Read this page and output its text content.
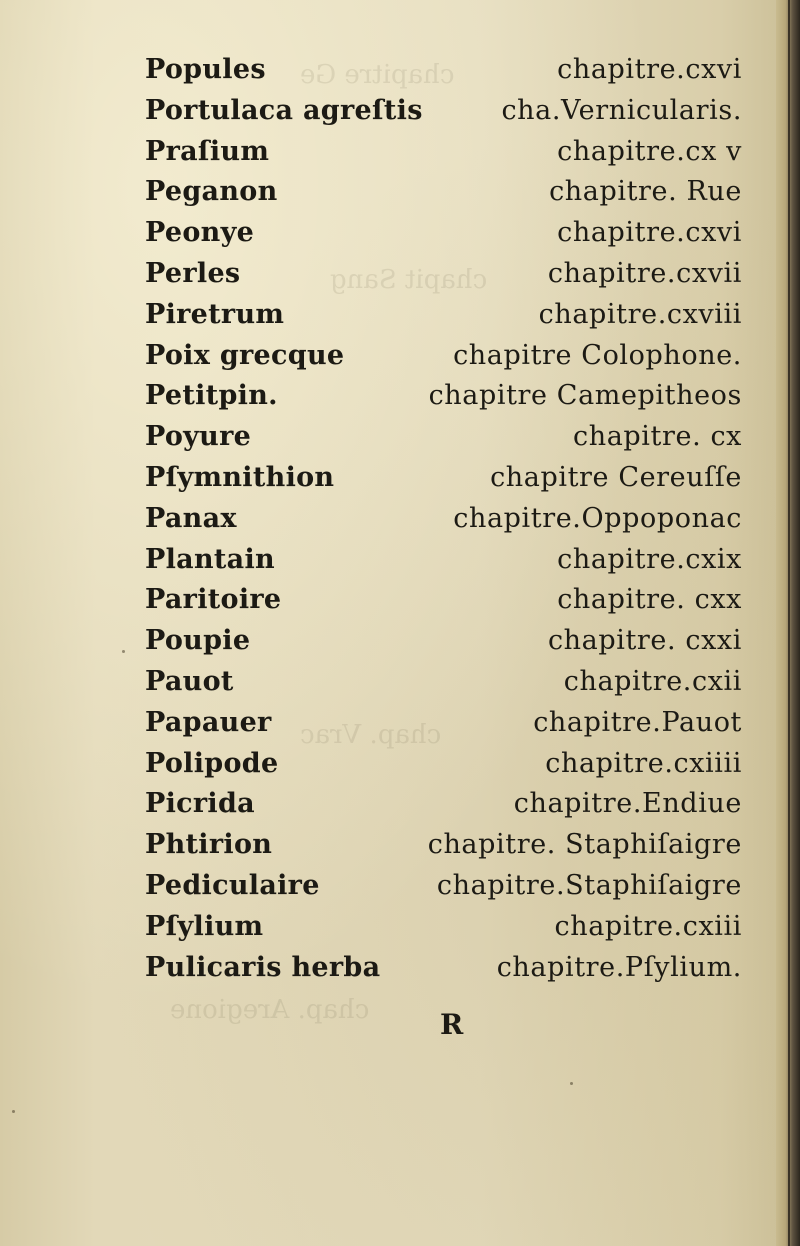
chapitre Ge
chapit Sang
chap. Vrac
chap. Aregione
Popules	chapitre.cxvi
Portulaca agreſtis	cha.Vernicularis.
Praſium	chapitre.cx v
Peganon	chapitre. Rue
Peonye	chapitre.cxvi
Perles	chapitre.cxvii
Piretrum	chapitre.cxviii
Poix grecque	chapitre Colophone.
Petitpin.	chapitre Camepitheos
Poyure	chapitre. cx
Pſymnithion	chapitre Cereuſſe
Panax	chapitre.Oppoponac
Plantain	chapitre.cxix
Paritoire	chapitre. cxx
Poupie	chapitre. cxxi
Pauot	chapitre.cxii
Papauer	chapitre.Pauot
Polipode	chapitre.cxiiii
Picrida	chapitre.Endiue
Phtirion	chapitre. Staphiſaigre
Pediculaire	chapitre.Staphiſaigre
Pſylium	chapitre.cxiii
Pulicaris herba	chapitre.Pſylium.
R
